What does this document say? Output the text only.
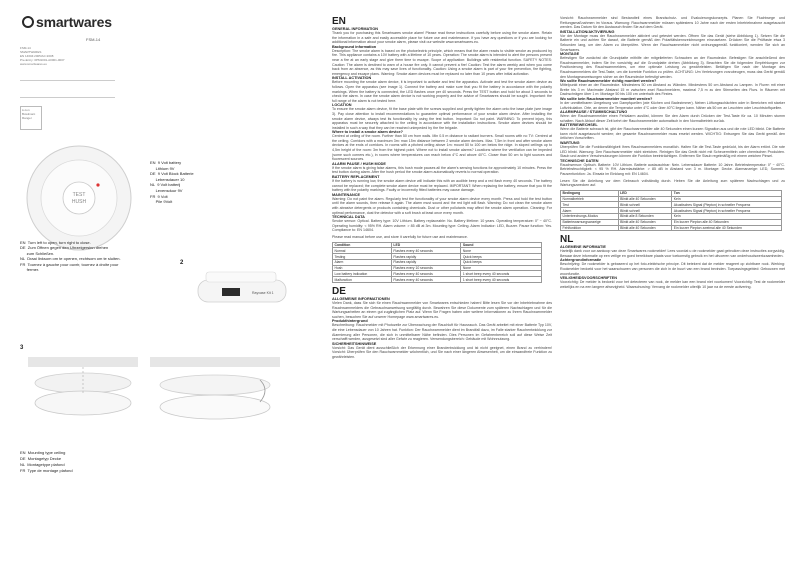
smartwares
FSM-14
FSM-14
SMARTWARES
EN 14604:2005/AC:2008
Pre-Entry: 0PM1001-A0001-0007
www.smartwares.eu
Li-Ion Bowlmant Ranger
TEST
HUSH
EN  9 Volt battery
Lithium 9V
DE  9 Volt Block Batterie
Lebensdauer 10
NL  9 Volt batterij
Levensduur 9V
FR  9 Volt
Pile 9Volt
EN  Turn left to open, turn right to close.
DE  Zum Öffnen gegen den Uhrzeigersinn drehen
zum Schließen.
NL  Draai linksom om te openen, rechtsom om te sluiten.
FR  Tournez à gauche pour ouvrir, tournez à droite pour
fermer.
Rayvase Kit 1
2
3
EN  Mounting type ceiling
DE  Montagetyp Decke
NL  Montagetype plafond
FR  Type de montage plafond
EN
GENERAL INFORMATION
Thank you for purchasing this Smartwares smoke alarm! Please read these instructions carefully before using the smoke alarm. Retain the information in a safe and easily accessible place for future use and maintenance. If you have any questions or if you are looking for additional information about your smoke alarm, please visit our website www.smartwares.eu.
Background information
Description: The smoke alarm is based on the photoelectric principle, which means that the alarm reacts to visible smoke as produced by fire. This appliance contains a 10V battery with a lifetime of 10 years. Operation: The smoke alarm is intended to alert the persons present near a fire at an early stage and give them time to escape. Scope of application: Buildings with residential function. SAFETY NOTES: Caution: The alarm is destined to warn of a house fire only. It cannot prevent a fire! Caution: Test the alarm weekly and when you come back from an absence, as this may save lives of functionality. Caution: Using a smoke alarm is part of your fire prevention, fire fighting, emergency and escape plans. Warning: Smoke alarm devices must be replaced no later than 10 years after initial activation.
INSTALL ACTIVATION
Before mounting the smoke alarm device, it is important to activate and test the apparatus. Activate and test the smoke alarm device as follows. Open the apparatus (see image 1). Connect the battery and make sure that you fit the battery in accordance with the polarity markings. When the battery is connected, the LED flashes once per 40 seconds. Press the TEST button and hold for about 3 seconds to check the alarm. In case the smoke alarm device is not working properly and the advice of Smartwares should be sought. Important: the full range of the alarm is not tested here.
LOCATION
To ensure the smoke alarm device, fit the base plate with the screws supplied and gently tighten the alarm onto the base plate (see image 3). Pay close attention to install recommendations to guarantee optimal performance of your smoke alarm device. After installing the smoke alarm device, always test its functionality by using the test button. Important: Do not paint. WARNING: To prevent injury, this apparatus must be securely attached to the ceiling in accordance with the installation instructions. Smoke alarm devices should be installed in such a way that they can be reached unimpeded by the fire brigade.
Where to install a smoke alarm device?
Centred at ceiling of the room. Further than 50 cm from walls. Min 0.5 m distance to radiant burners. Small rooms with no TV: Centred at the ceiling. Corridors with a maximum 3m: max 15m distance between 2 smoke alarm devices. Max. 7,5m in front and after smoke alarm devices at the ends of corridors. In rooms with a pitched ceiling above 1m: mount 50 to 100 cm below the ridge. In sloped ceilings up to 4,5m height of the room: 3m from the highest point. Where not to install smoke alarms? Locations where the ventilation can be impeded (some such corners etc.), in rooms where temperatures can reach below 4°C and above 40°C. Closer than 50 cm to light sources and fluorescent sources.
ALARM PAUSE / HUSH MODE
If the smoke alarm is giving false alarms, this hush mode pauses all the alarm's sensing functions for approximately 10 minutes. Press the test button during alarm. After the hush period the smoke alarm automatically reverts to normal operation.
BATTERY REPLACEMENT
If the battery is running low, the smoke alarm device will indicate this with an audible beep and a red flash every 40 seconds. The battery cannot be replaced; the complete smoke alarm device must be replaced. IMPORTANT: When replacing the battery, ensure that you fit the battery with the polarity markings. Faulty or incorrectly fitted batteries may cause damage.
MAINTENANCE
Warning: Do not paint the alarm. Regularly test the functionality of your smoke alarm device every month. Press and hold the test button until the alarm sounds, then release it again. The alarm must sound and the red light will flash. Warning: Do not clean the smoke alarm with abrasive detergents or products containing chemicals. Dust or other pollutants may affect the smoke alarm operation. Cleaning: For optimal performance, dust the detector with a soft brush at least once every month.
TECHNICAL DATA
Smoke sensor: Optical. Battery type: 10V Lithium. Battery replaceable: No. Battery lifetime: 10 years. Operating temperature: 0° ~ 40°C. Operating humidity: < 95% RH. Alarm volume: > 85 dB at 3m. Mounting type: Ceiling. Alarm Indicator: LED, Buzzer. Pause function: Yes. Compliance to: EN 14604.
Please read manual before use, and store it carefully for future use and maintenance.
Condition	LED	Sound
Normal	Flashes every 40 seconds	None
Testing	Flashes rapidly	Quick beeps
Alarm	Flashes rapidly	Quick beeps
Hush	Flashes every 10 seconds	None
Low battery indication	Flashes every 40 seconds	1 short beep every 40 seconds
Malfunction	Flashes every 40 seconds	1 short beep every 40 seconds
DE
ALLGEMEINE INFORMATIONEN
Vielen Dank, dass Sie sich für einen Rauchwarnmelder von Smartwares entschieden haben! Bitte lesen Sie vor der Inbetriebnahme des Rauchwarnmelders die Gebrauchsanweisung sorgfältig durch. Bewahren Sie diese Dokumente zum späteren Nachschlagen und für die Wartungsarbeiten an einem gut zugänglichen Platz auf. Wenn Sie Fragen haben oder weitere Informationen zu Ihrem Rauchwarnmelder suchen, besuchen Sie auf unserer Homepage www.smartwares.eu.
Produkthintergrund
Beschreibung: Rauchmelder mit Photozelle zur Überwachung der Rauchluft für Hausrauch. Das Gerät arbeitet mit einer Batterie Typ 10V, die eine Lebensdauer von 10 Jahren hat. Funktion: Der Rauchwarnmelder dient im Brandfall dazu, im Falle starker Rauchentwicklung zur Alarmierung aller Personen, die sich in unmittelbarer Nähe befinden. Dies Personen im Gefahrenbereich soll auf diese Weise Zeit verschafft werden, ausgesetzt sind aller Gefahr zu reagieren. Verwendungsbereich: Gebäude mit Wohnnutzung.
SICHERHEITSHINWEISE
Vorsicht: Das Gerät dient ausschließlich der Erkennung einer Brandentwicklung und ist nicht geeignet, einen Brand zu verhindern! Vorsicht: Überprüfen Sie den Rauchwarnmelder wöchentlich, und Sie nach einer längeren Abwesenheit, um die einwandfreie Funktion zu gewährleisten.
Vorsicht: Rauchwarnmelder sind Bestandteil eines Brandschutz- und Evakuierungskonzepts. Planen Sie Fluchtwege und Rettungsmaßnahmen im Voraus. Warnung: Rauchwarnmelder müssen spätestens 10 Jahre nach der ersten Inbetriebnahme ausgetauscht werden. Das Datum für den Austausch finden Sie auf dem Gerät.
INSTALLATION/AKTIVIERUNG
Vor der Montage muss der Rauchwarnmelder aktiviert und getestet werden. Öffnen Sie das Gerät (siehe Abbildung 1). Setzen Sie die Batterie ein und achten Sie darauf, die Batterie gemäß den Polaritätskennzeichnungen einzusetzen. Drücken Sie die Prüftaste etwa 3 Sekunden lang, um den Alarm zu überprüfen. Wenn der Rauchwarnmelder nicht ordnungsgemäß funktioniert, wenden Sie sich an Smartwares.
MONTAGE
Befestigen Sie zunächst die Grundplatte mithilfe der mitgelieferten Schrauben an der Raumdecke. Befestigen Sie anschließend den Rauchwarnmelder, indem Sie ihn vorsichtig auf die Grundplatte drehen (Abbildung 3). Beachten Sie die folgenden Empfehlungen zur Positionierung des Rauchwarnmelders, um eine optimale Leistung zu gewährleisten. Betätigen Sie nach der Montage des Rauchwarnmelders die Test-Taste, um die korrekte Funktion zu prüfen. ACHTUNG: Um Verletzungen vorzubeugen, muss das Gerät gemäß den Montageanweisungen sicher an der Raumdecke befestigt werden.
Wo sollte Rauchwarnmelder richtig montiert werden?
Mittelpunkt einer an der Raumdecke. Mindestens 50 cm Abstand zu Wänden. Mindestens 50 cm Abstand zu Lampen. In Fluren mit einer Breite bis 3 m: Maximaler Abstand 15 m zwischen zwei Rauchmeldern, maximal 7,5 m zu den Stirnseiten des Flurs. In Räumen mit Dachschrägen über 1 m: Montage 50 bis 100 cm unterhalb des Firstes.
Wo sollte kein Rauchwarnmelder montiert werden?
In der unmittelbaren Umgebung von Dampfquellen (wie Küchen und Badezimmer). Neben Lüftungsschächten oder in Bereichen mit starker Luftzirkulation. Orte, an denen die Temperatur unter 4°C oder über 40°C liegen kann. Näher als 50 cm an Leuchten oder Leuchtstoffquellen.
ALARMPAUSE / STUMMSCHALTUNG
Wenn der Rauchwarnmelder einen Fehlalarm auslöst, können Sie den Alarm durch Drücken der Test-Taste für ca. 10 Minuten stumm schalten. Nach Ablauf dieser Zeit kehrt der Rauchwarnmelder automatisch in den Normalbetrieb zurück.
BATTERIEWECHSEL
Wenn die Batterie schwach ist, gibt der Rauchwarnmelder alle 40 Sekunden einen kurzen Signalton aus und die rote LED blinkt. Die Batterie kann nicht ausgetauscht werden; der gesamte Rauchwarnmelder muss ersetzt werden. WICHTIG: Entsorgen Sie das Gerät gemäß den örtlichen Vorschriften.
WARTUNG
Überprüfen Sie die Funktionsfähigkeit Ihres Rauchwarnmelders monatlich. Halten Sie die Test-Taste gedrückt, bis der Alarm ertönt. Die rote LED blinkt. Warnung: Den Rauchwarnmelder nicht streichen. Reinigen Sie das Gerät nicht mit Scheuermitteln oder chemischen Produkten. Staub und andere Verschmutzungen können die Funktion beeinträchtigen. Entfernen Sie Staub regelmäßig mit einem weichen Pinsel.
TECHNISCHE DATEN
Rauchsensor: Optisch. Batterie: 10V Lithium. Batterie austauschbar: Nein. Lebensdauer Batterie: 10 Jahre. Betriebstemperatur: 0° ~ 40°C. Betriebsfeuchtigkeit: < 95 % RH. Alarmlautstärke: > 85 dB in Abstand von 3 m. Montage: Decke. Alarmanzeige: LED, Summer. Pausenfunktion: Ja. Einsatz im Einklang mit: EN 14604.
Lesen Sie die Anleitung vor dem Gebrauch vollständig durch. Heben Sie die Anleitung zum späteren Nachschlagen und zu Wartungszwecken auf.
Bedingung	LED	Ton
Normalbetrieb	Blinkt alle 40 Sekunden	Kein
Test	Blinkt schnell	Akustisches Signal (Piepton) in schneller Frequenz
Alarm	Blinkt schnell	Akustisches Signal (Piepton) in schneller Frequenz
Unterbrechungs-Modus	Blinkt alle 8 Sekunden	Kein
Batteriewarnungsanzeige	Blinkt alle 40 Sekunden	Ein kurzer Piepton alle 40 Sekunden
Fehlfunktion	Blinkt alle 40 Sekunden	Ein kurzer Piepton zweimal alle 40 Sekunden
NL
ALGEMENE INFORMATIE
Hartelijk dank voor uw aankoop van deze Smartwares rookmelder! Lees voordat u de rookmelder gaat gebruiken deze instructies zorgvuldig. Bewaar deze informatie op een veilige en goed bereikbare plaats voor toekomstig gebruik en het uitvoeren van onderhoudswerkzaamheden.
Achtergrondinformatie
Beschrijving: De rookmelder is gebaseerd op het foto-elektrische principe. Dit betekent dat de melder reageert op zichtbare rook. Werking: Rookmelder bedoeld voor het waarschuwen van personen die zich in de buurt van een brand bevinden. Toepassingsgebied: Gebouwen met woonfunctie.
VEILIGHEIDSVOORSCHRIFTEN
Voorzichtig: De melder is bedoeld voor het detecteren van rook, de melder kan een brand niet voorkomen! Voorzichtig: Test de rookmelder wekelijks en na een langere afwezigheid. Waarschuwing: Vervang de rookmelder uiterlijk 10 jaar na de eerste activering.
